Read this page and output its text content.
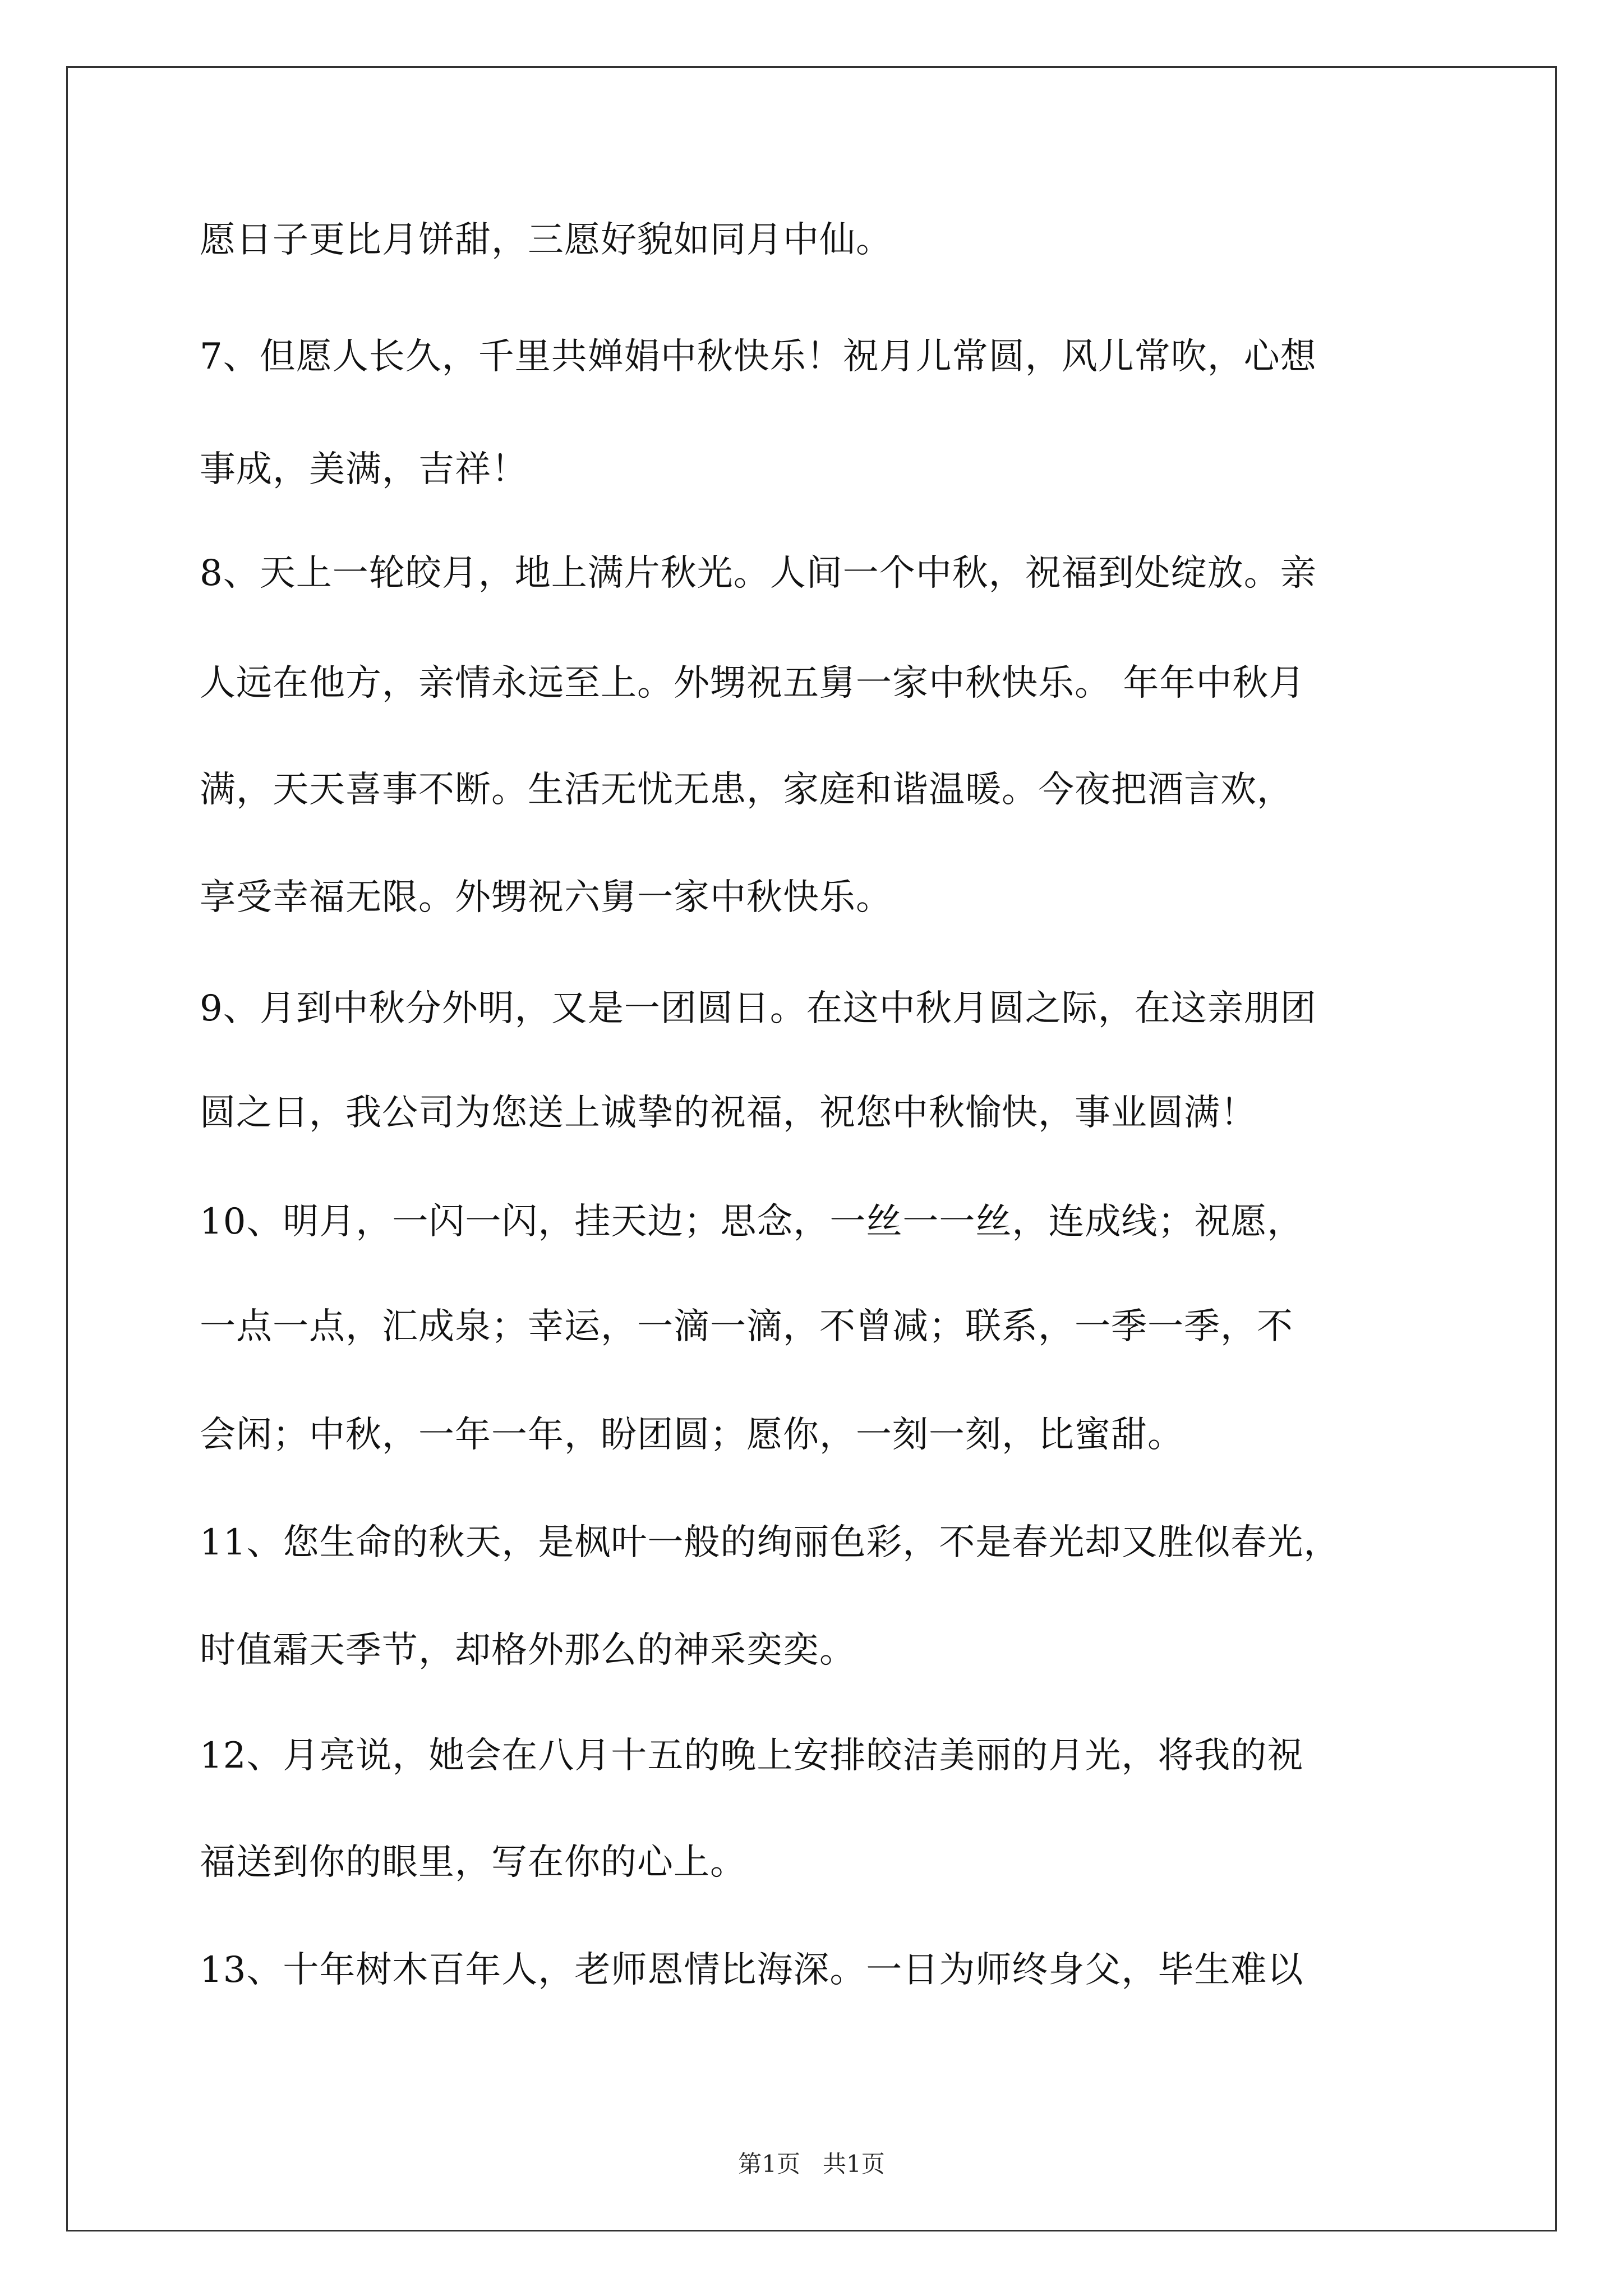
愿日子更比月饼甜，三愿好貌如同月中仙。
7、但愿人长久，千里共婵娟中秋快乐！祝月儿常圆，风儿常吹，心想
事成，美满，吉祥！
8、天上一轮皎月，地上满片秋光。人间一个中秋，祝福到处绽放。亲
人远在他方，亲情永远至上。外甥祝五舅一家中秋快乐。 年年中秋月
满，天天喜事不断。生活无忧无患，家庭和谐温暖。今夜把酒言欢，
享受幸福无限。外甥祝六舅一家中秋快乐。
9、月到中秋分外明，又是一团圆日。在这中秋月圆之际，在这亲朋团
圆之日，我公司为您送上诚挚的祝福，祝您中秋愉快，事业圆满！
10、明月，一闪一闪，挂天边；思念，一丝一一丝，连成线；祝愿，
一点一点，汇成泉；幸运，一滴一滴，不曾减；联系，一季一季，不
会闲；中秋，一年一年，盼团圆；愿你，一刻一刻，比蜜甜。
11、您生命的秋天，是枫叶一般的绚丽色彩，不是春光却又胜似春光，
时值霜天季节，却格外那么的神采奕奕。
12、月亮说，她会在八月十五的晚上安排皎洁美丽的月光，将我的祝
福送到你的眼里，写在你的心上。
13、十年树木百年人，老师恩情比海深。一日为师终身父，毕生难以
第1页   共1页
